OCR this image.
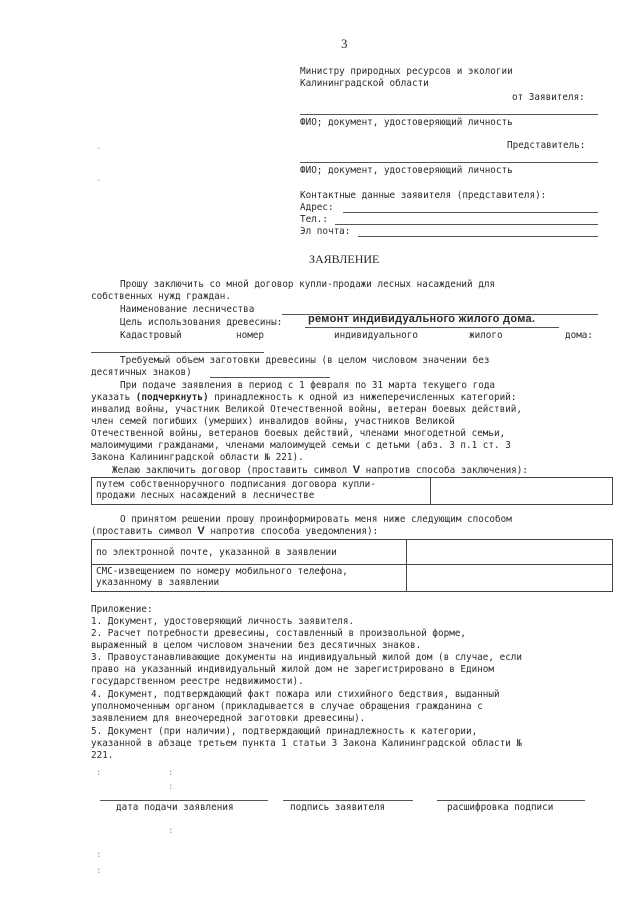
3
Министру природных ресурсов и экологии
Калининградской области
от Заявителя:
ФИО; документ, удостоверяющий личность
Представитель:
ФИО; документ, удостоверяющий личность
Контактные данные заявителя (представителя):
Адрес:
Тел.:
Эл почта:
.
.
ЗАЯВЛЕНИЕ
Прошу заключить со мной договор купли-продажи лесных насаждений для
собственных нужд граждан.
Наименование лесничества
Цель использования древесины: ремонт индивидуального жилого дома.
Кадастровый	номер	индивидуального	жилого	дома:
Требуемый объем заготовки древесины (в целом числовом значении без
десятичных знаков)
При подаче заявления в период с 1 февраля по 31 марта текущего года
указать (подчеркнуть) принадлежность к одной из нижеперечисленных категорий:
инвалид войны, участник Великой Отечественной войны, ветеран боевых действий,
член семей погибших (умерших) инвалидов войны, участников Великой
Отечественной войны, ветеранов боевых действий, членами многодетной семьи,
малоимущими гражданами, членами малоимущей семьи с детьми (абз. 3 п.1 ст. 3
Закона Калининградской области № 221).
Желаю заключить договор (проставить символ V напротив способа заключения):
путем собственноручного подписания договора купли-
продажи лесных насаждений в лесничестве

О принятом решении прошу проинформировать меня ниже следующим способом
(проставить символ V напротив способа уведомления):
по электронной почте, указанной в заявлении	

СМС-извещением по номеру мобильного телефона,
указанному в заявлении	

Приложение:
1. Документ, удостоверяющий личность заявителя.
2. Расчет потребности древесины, составленный в произвольной форме,
выраженный в целом числовом значении без десятичных знаков.
3. Правоустанавливающие документы на индивидуальный жилой дом (в случае, если
право на указанный индивидуальный жилой дом не зарегистрировано в Едином
государственном реестре недвижимости).
4. Документ, подтверждающий факт пожара или стихийного бедствия, выданный
уполномоченным органом (прикладывается в случае обращения гражданина с
заявлением для внеочередной заготовки древесины).
5. Документ (при наличии), подтверждающий принадлежность к категории,
указанной в абзаце третьем пункта 1 статьи 3 Закона Калининградской области №
221.
:	:
:
дата подачи заявления	подпись заявителя	расшифровка подписи
:
:
:
